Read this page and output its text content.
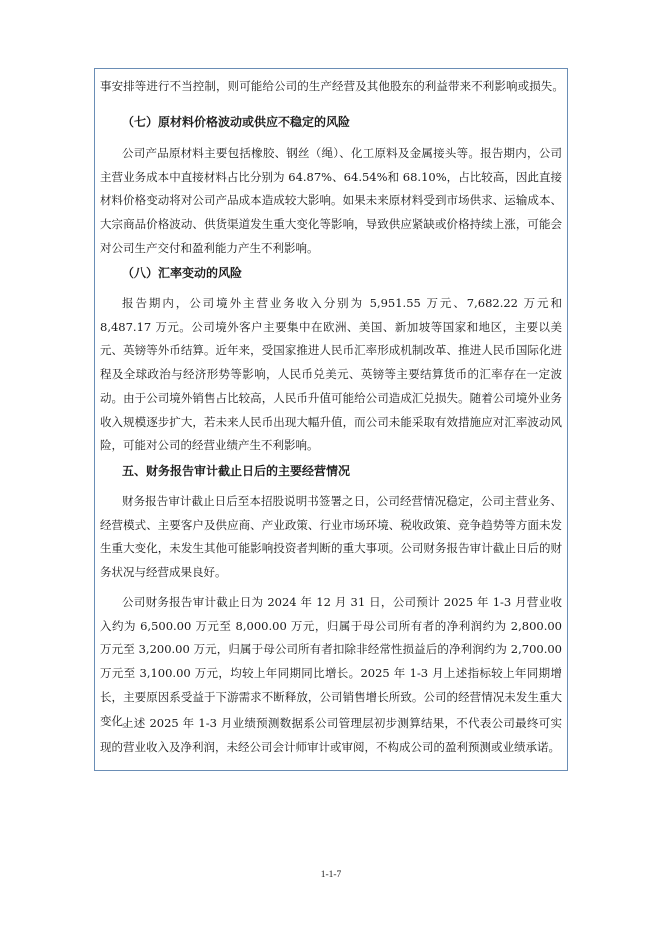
事安排等进行不当控制，则可能给公司的生产经营及其他股东的利益带来不利影响或损失。
（七）原材料价格波动或供应不稳定的风险
公司产品原材料主要包括橡胶、钢丝（绳）、化工原料及金属接头等。报告期内，公司主营业务成本中直接材料占比分别为 64.87%、64.54%和 68.10%，占比较高，因此直接材料价格变动将对公司产品成本造成较大影响。如果未来原材料受到市场供求、运输成本、大宗商品价格波动、供货渠道发生重大变化等影响，导致供应紧缺或价格持续上涨，可能会对公司生产交付和盈利能力产生不利影响。
（八）汇率变动的风险
报告期内，公司境外主营业务收入分别为 5,951.55 万元、7,682.22 万元和 8,487.17 万元。公司境外客户主要集中在欧洲、美国、新加坡等国家和地区，主要以美元、英镑等外币结算。近年来，受国家推进人民币汇率形成机制改革、推进人民币国际化进程及全球政治与经济形势等影响，人民币兑美元、英镑等主要结算货币的汇率存在一定波动。由于公司境外销售占比较高，人民币升值可能给公司造成汇兑损失。随着公司境外业务收入规模逐步扩大，若未来人民币出现大幅升值，而公司未能采取有效措施应对汇率波动风险，可能对公司的经营业绩产生不利影响。
五、财务报告审计截止日后的主要经营情况
财务报告审计截止日后至本招股说明书签署之日，公司经营情况稳定，公司主营业务、经营模式、主要客户及供应商、产业政策、行业市场环境、税收政策、竞争趋势等方面未发生重大变化，未发生其他可能影响投资者判断的重大事项。公司财务报告审计截止日后的财务状况与经营成果良好。
公司财务报告审计截止日为 2024 年 12 月 31 日，公司预计 2025 年 1-3 月营业收入约为 6,500.00 万元至 8,000.00 万元，归属于母公司所有者的净利润约为 2,800.00 万元至 3,200.00 万元，归属于母公司所有者扣除非经常性损益后的净利润约为 2,700.00 万元至 3,100.00 万元，均较上年同期同比增长。2025 年 1-3 月上述指标较上年同期增长，主要原因系受益于下游需求不断释放，公司销售增长所致。公司的经营情况未发生重大变化。
上述 2025 年 1-3 月业绩预测数据系公司管理层初步测算结果，不代表公司最终可实现的营业收入及净利润，未经公司会计师审计或审阅，不构成公司的盈利预测或业绩承诺。
1-1-7
